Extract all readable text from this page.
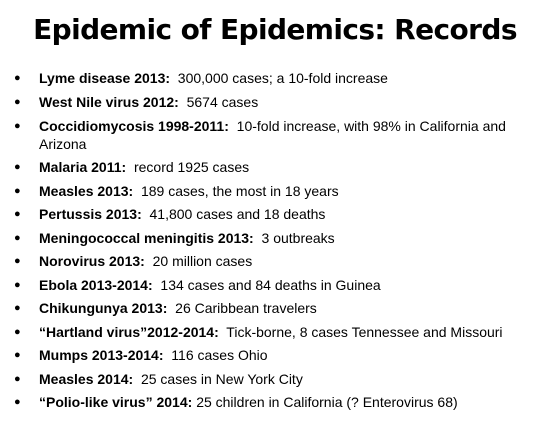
Epidemic of Epidemics: Records
● Lyme disease 2013: 300,000 cases; a 10-fold increase
● West Nile virus 2012: 5674 cases
● Coccidiomycosis 1998-2011: 10-fold increase, with 98% in California and Arizona
● Malaria 2011: record 1925 cases
● Measles 2013: 189 cases, the most in 18 years
● Pertussis 2013: 41,800 cases and 18 deaths
● Meningococcal meningitis 2013: 3 outbreaks
● Norovirus 2013: 20 million cases
● Ebola 2013-2014: 134 cases and 84 deaths in Guinea
● Chikungunya 2013: 26 Caribbean travelers
● “Hartland virus”2012-2014: Tick-borne, 8 cases Tennessee and Missouri
● Mumps 2013-2014: 116 cases Ohio
● Measles 2014: 25 cases in New York City
● “Polio-like virus” 2014: 25 children in California (? Enterovirus 68)
